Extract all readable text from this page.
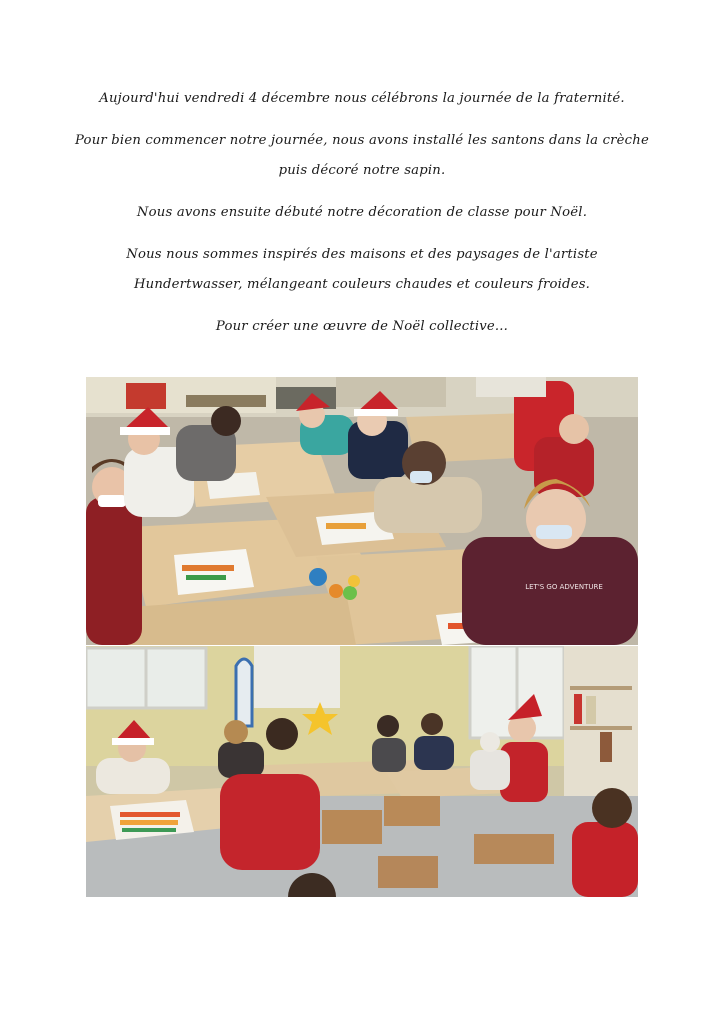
Aujourd'hui vendredi 4 décembre nous célébrons la journée de la fraternité.

Pour bien commencer notre journée, nous avons installé les santons dans la crèche
puis décoré notre sapin.

Nous avons ensuite débuté notre décoration de classe pour Noël.

Nous nous sommes inspirés des maisons et des paysages de l'artiste
Hundertwasser, mélangeant couleurs chaudes et couleurs froides.

Pour créer une œuvre de Noël collective...

LET'S GO ADVENTURE
